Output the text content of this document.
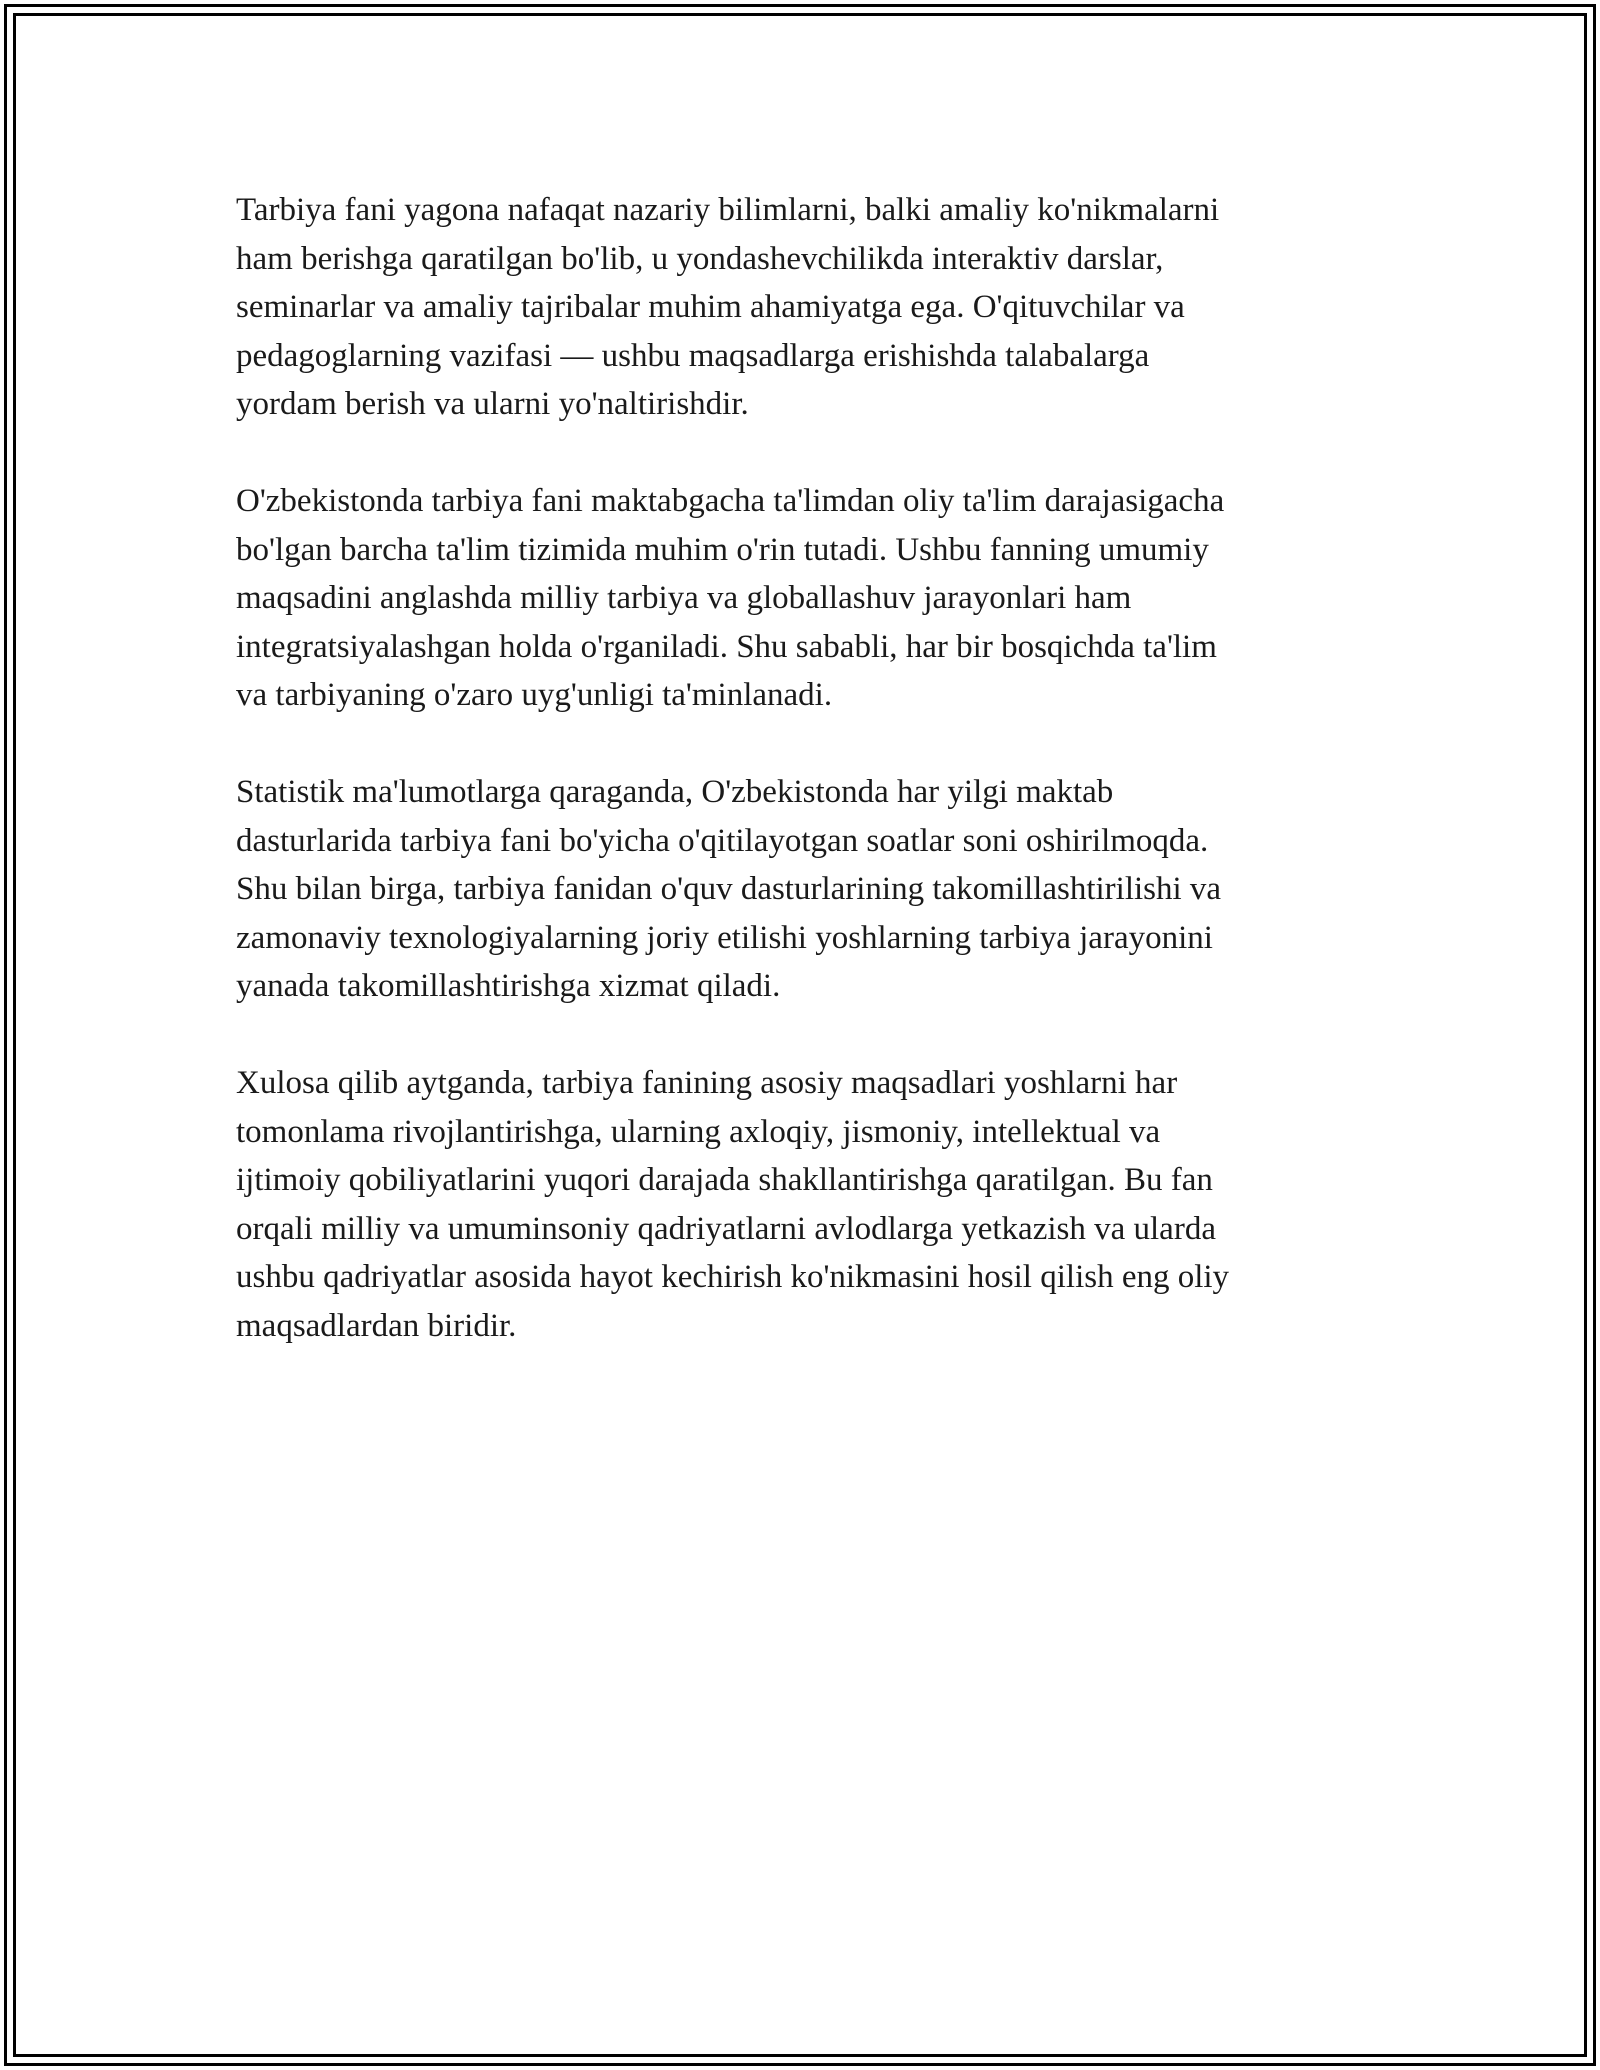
Tarbiya fani yagona nafaqat nazariy bilimlarni, balki amaliy ko'nikmalarni
ham berishga qaratilgan bo'lib, u yondashevchilikda interaktiv darslar,
seminarlar va amaliy tajribalar muhim ahamiyatga ega. O'qituvchilar va
pedagoglarning vazifasi — ushbu maqsadlarga erishishda talabalarga
yordam berish va ularni yo'naltirishdir.

O'zbekistonda tarbiya fani maktabgacha ta'limdan oliy ta'lim darajasigacha
bo'lgan barcha ta'lim tizimida muhim o'rin tutadi. Ushbu fanning umumiy
maqsadini anglashda milliy tarbiya va globallashuv jarayonlari ham
integratsiyalashgan holda o'rganiladi. Shu sababli, har bir bosqichda ta'lim
va tarbiyaning o'zaro uyg'unligi ta'minlanadi.

Statistik ma'lumotlarga qaraganda, O'zbekistonda har yilgi maktab
dasturlarida tarbiya fani bo'yicha o'qitilayotgan soatlar soni oshirilmoqda.
Shu bilan birga, tarbiya fanidan o'quv dasturlarining takomillashtirilishi va
zamonaviy texnologiyalarning joriy etilishi yoshlarning tarbiya jarayonini
yanada takomillashtirishga xizmat qiladi.

Xulosa qilib aytganda, tarbiya fanining asosiy maqsadlari yoshlarni har
tomonlama rivojlantirishga, ularning axloqiy, jismoniy, intellektual va
ijtimoiy qobiliyatlarini yuqori darajada shakllantirishga qaratilgan. Bu fan
orqali milliy va umuminsoniy qadriyatlarni avlodlarga yetkazish va ularda
ushbu qadriyatlar asosida hayot kechirish ko'nikmasini hosil qilish eng oliy
maqsadlardan biridir.
